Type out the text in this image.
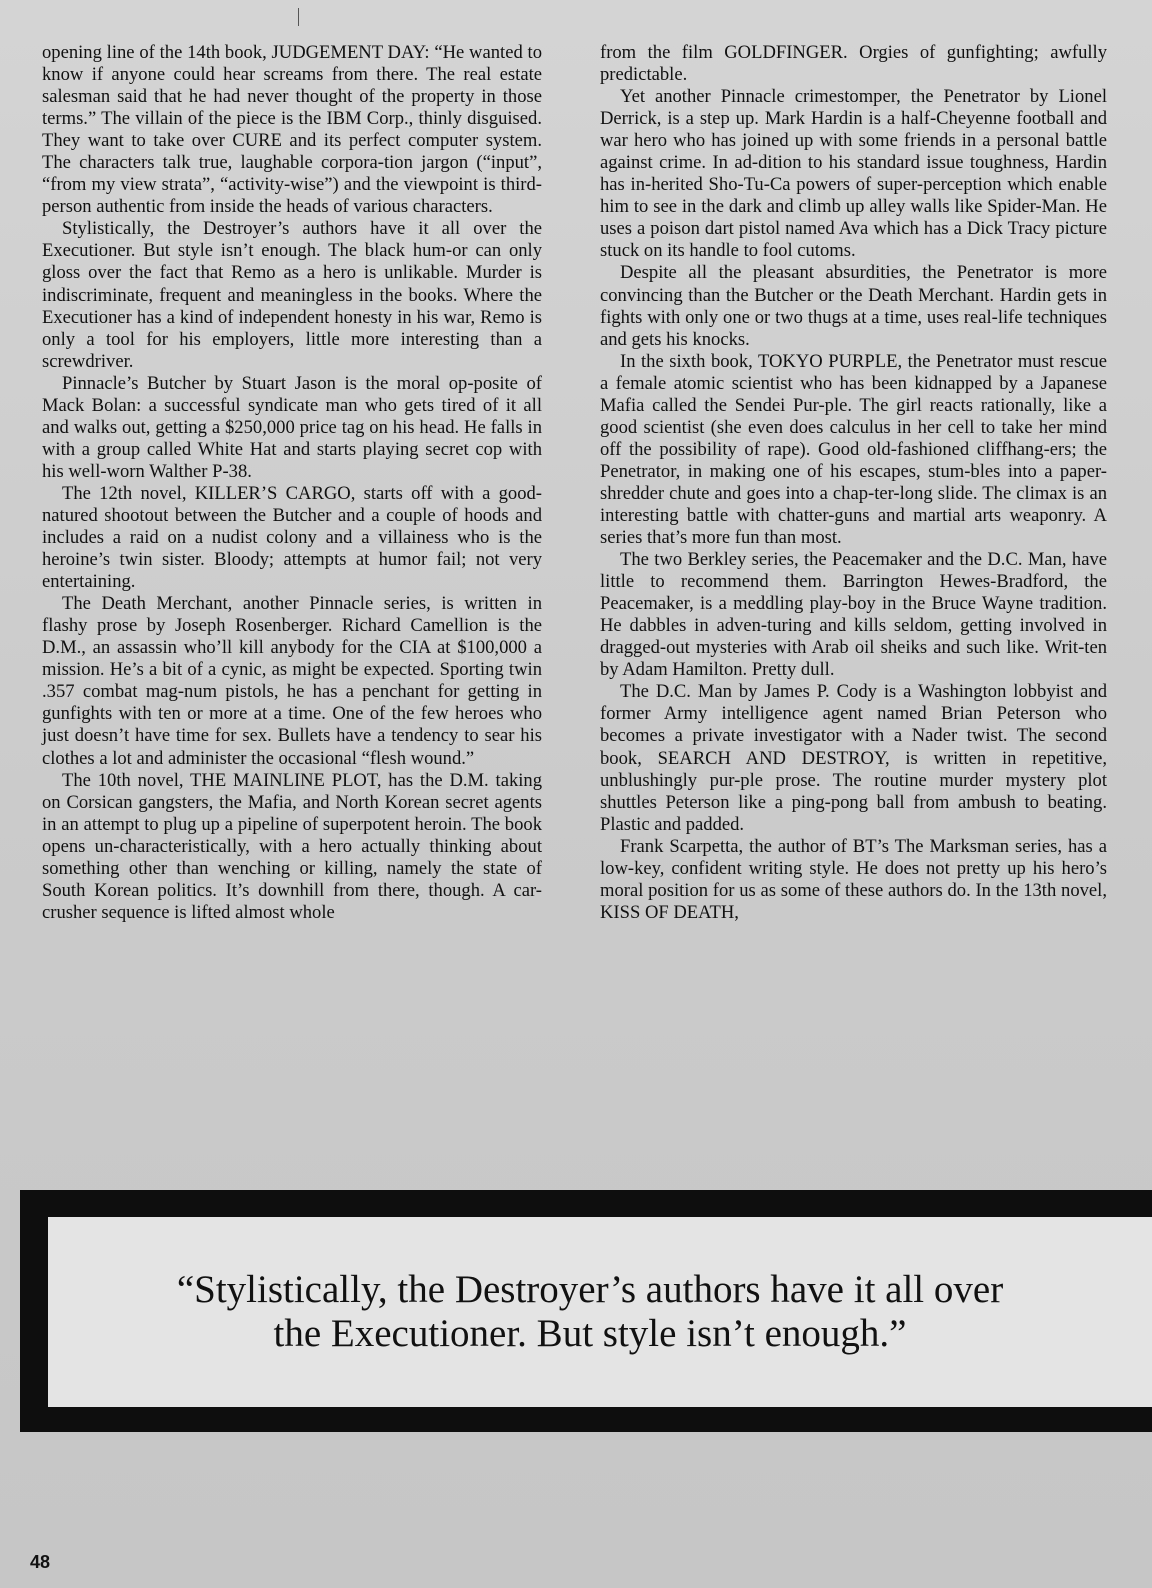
opening line of the 14th book, JUDGEMENT DAY: “He wanted to know if anyone could hear screams from there. The real estate salesman said that he had never thought of the property in those terms.” The villain of the piece is the IBM Corp., thinly disguised. They want to take over CURE and its perfect computer system. The characters talk true, laughable corpora-tion jargon (“input”, “from my view strata”, “activity-wise”) and the viewpoint is third-person authentic from inside the heads of various characters.

Stylistically, the Destroyer’s authors have it all over the Executioner. But style isn’t enough. The black hum-or can only gloss over the fact that Remo as a hero is unlikable. Murder is indiscriminate, frequent and meaningless in the books. Where the Executioner has a kind of independent honesty in his war, Remo is only a tool for his employers, little more interesting than a screwdriver.

Pinnacle’s Butcher by Stuart Jason is the moral op-posite of Mack Bolan: a successful syndicate man who gets tired of it all and walks out, getting a $250,000 price tag on his head. He falls in with a group called White Hat and starts playing secret cop with his well-worn Walther P-38.

The 12th novel, KILLER’S CARGO, starts off with a good-natured shootout between the Butcher and a couple of hoods and includes a raid on a nudist colony and a villainess who is the heroine’s twin sister. Bloody; attempts at humor fail; not very entertaining.

The Death Merchant, another Pinnacle series, is written in flashy prose by Joseph Rosenberger. Richard Camellion is the D.M., an assassin who’ll kill anybody for the CIA at $100,000 a mission. He’s a bit of a cynic, as might be expected. Sporting twin .357 combat mag-num pistols, he has a penchant for getting in gunfights with ten or more at a time. One of the few heroes who just doesn’t have time for sex. Bullets have a tendency to sear his clothes a lot and administer the occasional “flesh wound.”

The 10th novel, THE MAINLINE PLOT, has the D.M. taking on Corsican gangsters, the Mafia, and North Korean secret agents in an attempt to plug up a pipeline of superpotent heroin. The book opens un-characteristically, with a hero actually thinking about something other than wenching or killing, namely the state of South Korean politics. It’s downhill from there, though. A car-crusher sequence is lifted almost whole

from the film GOLDFINGER. Orgies of gunfighting; awfully predictable.

Yet another Pinnacle crimestomper, the Penetrator by Lionel Derrick, is a step up. Mark Hardin is a half-Cheyenne football and war hero who has joined up with some friends in a personal battle against crime. In ad-dition to his standard issue toughness, Hardin has in-herited Sho-Tu-Ca powers of super-perception which enable him to see in the dark and climb up alley walls like Spider-Man. He uses a poison dart pistol named Ava which has a Dick Tracy picture stuck on its handle to fool cutoms.

Despite all the pleasant absurdities, the Penetrator is more convincing than the Butcher or the Death Merchant. Hardin gets in fights with only one or two thugs at a time, uses real-life techniques and gets his knocks.

In the sixth book, TOKYO PURPLE, the Penetrator must rescue a female atomic scientist who has been kidnapped by a Japanese Mafia called the Sendei Pur-ple. The girl reacts rationally, like a good scientist (she even does calculus in her cell to take her mind off the possibility of rape). Good old-fashioned cliffhang-ers; the Penetrator, in making one of his escapes, stum-bles into a paper-shredder chute and goes into a chap-ter-long slide. The climax is an interesting battle with chatter-guns and martial arts weaponry. A series that’s more fun than most.

The two Berkley series, the Peacemaker and the D.C. Man, have little to recommend them. Barrington Hewes-Bradford, the Peacemaker, is a meddling play-boy in the Bruce Wayne tradition. He dabbles in adven-turing and kills seldom, getting involved in dragged-out mysteries with Arab oil sheiks and such like. Writ-ten by Adam Hamilton. Pretty dull.

The D.C. Man by James P. Cody is a Washington lobbyist and former Army intelligence agent named Brian Peterson who becomes a private investigator with a Nader twist. The second book, SEARCH AND DESTROY, is written in repetitive, unblushingly pur-ple prose. The routine murder mystery plot shuttles Peterson like a ping-pong ball from ambush to beating. Plastic and padded.

Frank Scarpetta, the author of BT’s The Marksman series, has a low-key, confident writing style. He does not pretty up his hero’s moral position for us as some of these authors do. In the 13th novel, KISS OF DEATH,

“Stylistically, the Destroyer’s authors have it all over
the Executioner. But style isn’t enough.”
48
